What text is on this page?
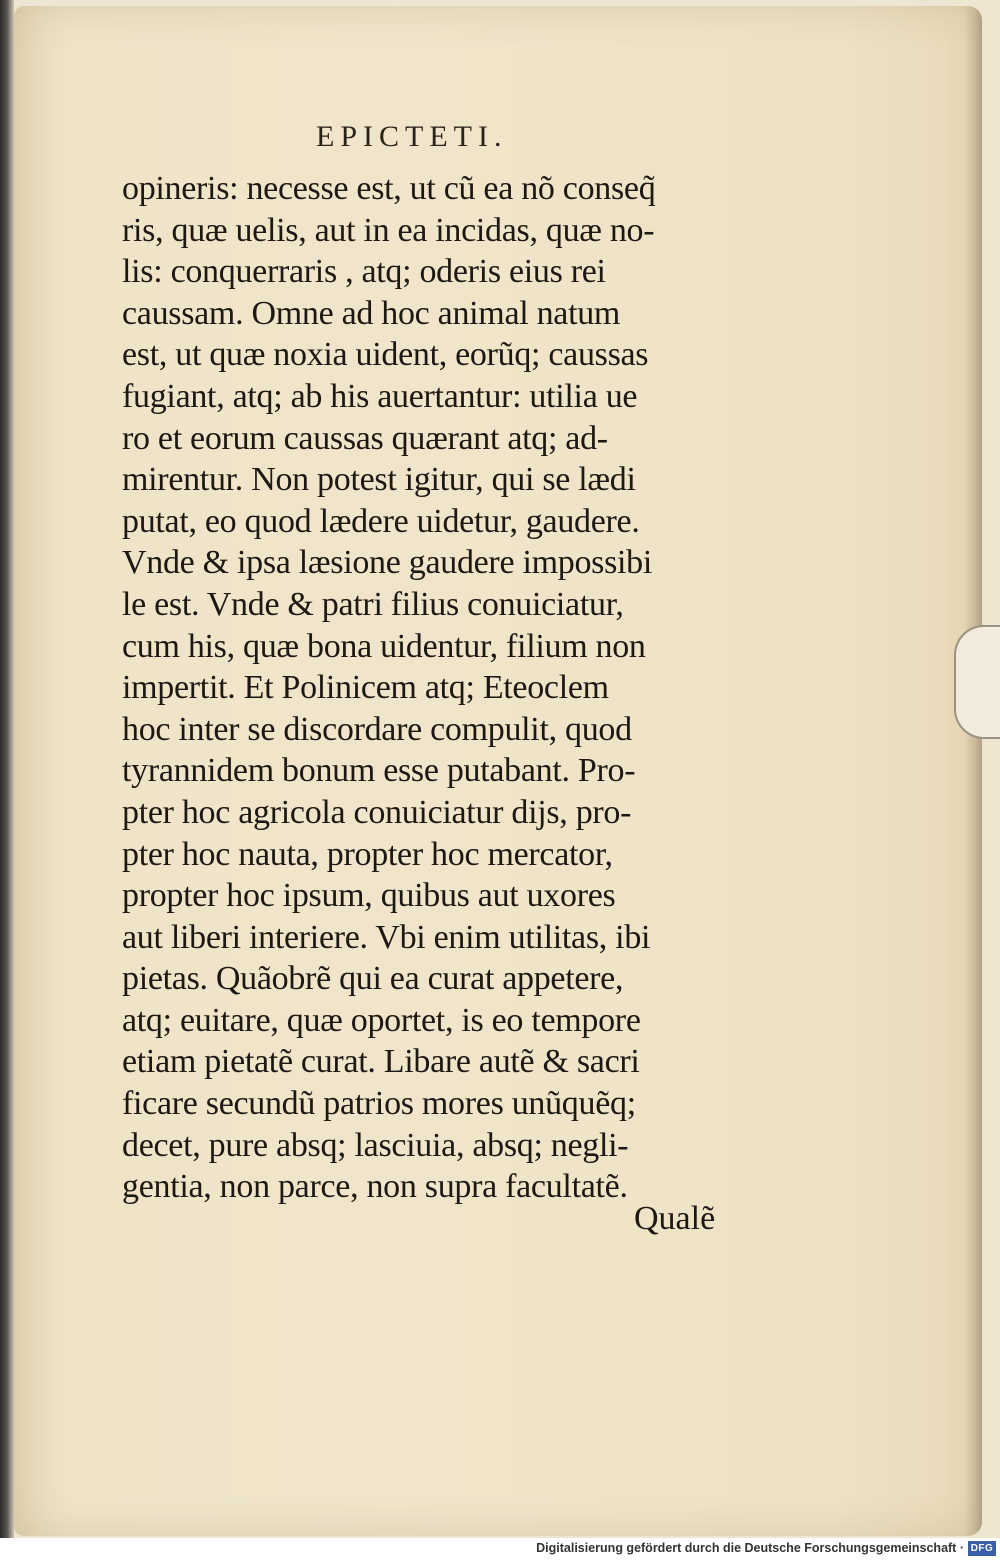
EPICTETI.
opineris: necesse est, ut cũ ea nõ conseq̃
ris, quæ uelis, aut in ea incidas, quæ no-
lis: conquerraris , atq; oderis eius rei
caussam. Omne ad hoc animal natum
est, ut quæ noxia uident, eorũq; caussas
fugiant, atq; ab his auertantur: utilia ue
ro et eorum caussas quærant atq; ad-
mirentur. Non potest igitur, qui se lædi
putat, eo quod lædere uidetur, gaudere.
Vnde & ipsa læsione gaudere impossibi
le est. Vnde & patri filius conuiciatur,
cum his, quæ bona uidentur, filium non
impertit. Et Polinicem atq; Eteoclem
hoc inter se discordare compulit, quod
tyrannidem bonum esse putabant. Pro-
pter hoc agricola conuiciatur dijs, pro-
pter hoc nauta, propter hoc mercator,
propter hoc ipsum, quibus aut uxores
aut liberi interiere. Vbi enim utilitas, ibi
pietas. Quãobrẽ qui ea curat appetere,
atq; euitare, quæ oportet, is eo tempore
etiam pietatẽ curat. Libare autẽ & sacri
ficare secundũ patrios mores unũquẽq;
decet, pure absq; lasciuia, absq; negli-
gentia, non parce, non supra facultatẽ.
Qualẽ
Digitalisierung gefördert durch die Deutsche Forschungsgemeinschaft · DFG
